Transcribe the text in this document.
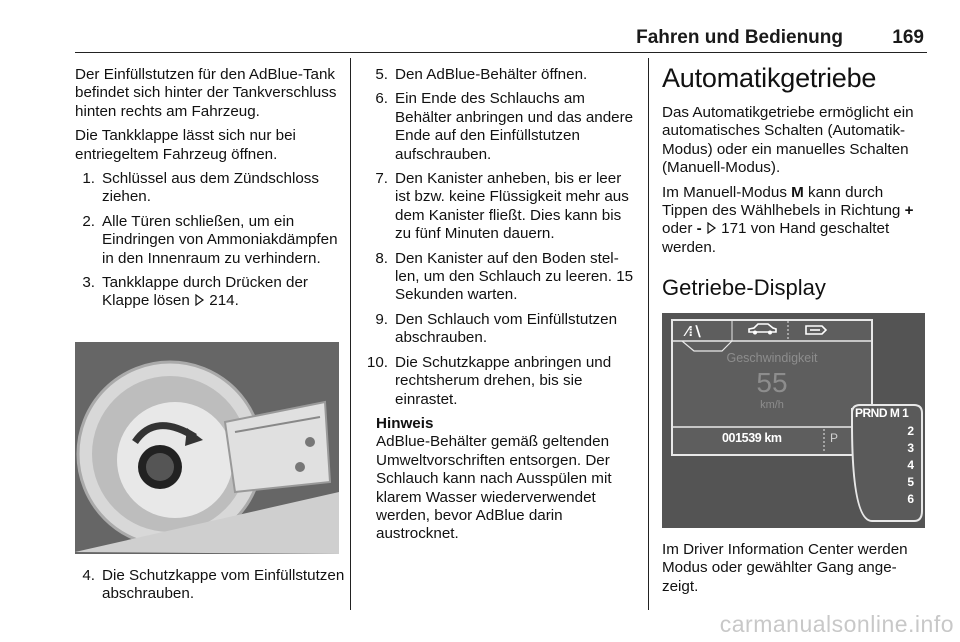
Fahren und Bedienung	169

Der Einfüllstutzen für den AdBlue-Tank befindet sich hinter der Tankverschluss hinten rechts am Fahrzeug.

Die Tankklappe lässt sich nur bei entriegeltem Fahrzeug öffnen.

1. Schlüssel aus dem Zündschloss ziehen.
2. Alle Türen schließen, um ein Eindringen von Ammoniakdämpfen in den Innenraum zu verhindern.
3. Tankklappe durch Drücken der Klappe lösen  214.
4. Die Schutzkappe vom Einfüllstutzen abschrauben.
5. Den AdBlue-Behälter öffnen.
6. Ein Ende des Schlauchs am Behälter anbringen und das andere Ende auf den Einfüllstutzen aufschrauben.
7. Den Kanister anheben, bis er leer ist bzw. keine Flüssigkeit mehr aus dem Kanister fließt. Dies kann bis zu fünf Minuten dauern.
8. Den Kanister auf den Boden stellen, um den Schlauch zu leeren. 15 Sekunden warten.
9. Den Schlauch vom Einfüllstutzen abschrauben.
10. Die Schutzkappe anbringen und rechtsherum drehen, bis sie einrastet.
Hinweis
AdBlue-Behälter gemäß geltenden Umweltvorschriften entsorgen. Der Schlauch kann nach Ausspülen mit klarem Wasser wiederverwendet werden, bevor AdBlue darin austrocknet.
Automatikgetriebe

Das Automatikgetriebe ermöglicht ein automatisches Schalten (Automatik-Modus) oder ein manuelles Schalten (Manuell-Modus).

Im Manuell-Modus M kann durch Tippen des Wählhebels in Richtung + oder -  171 von Hand geschaltet werden.

Getriebe-Display
⁄⁞∖
Geschwindigkeit
55
km/h
001539 km	P
PRND M 1
2
3
4
5
6
Im Driver Information Center werden Modus oder gewählter Gang angezeigt.
carmanualsonline.info
